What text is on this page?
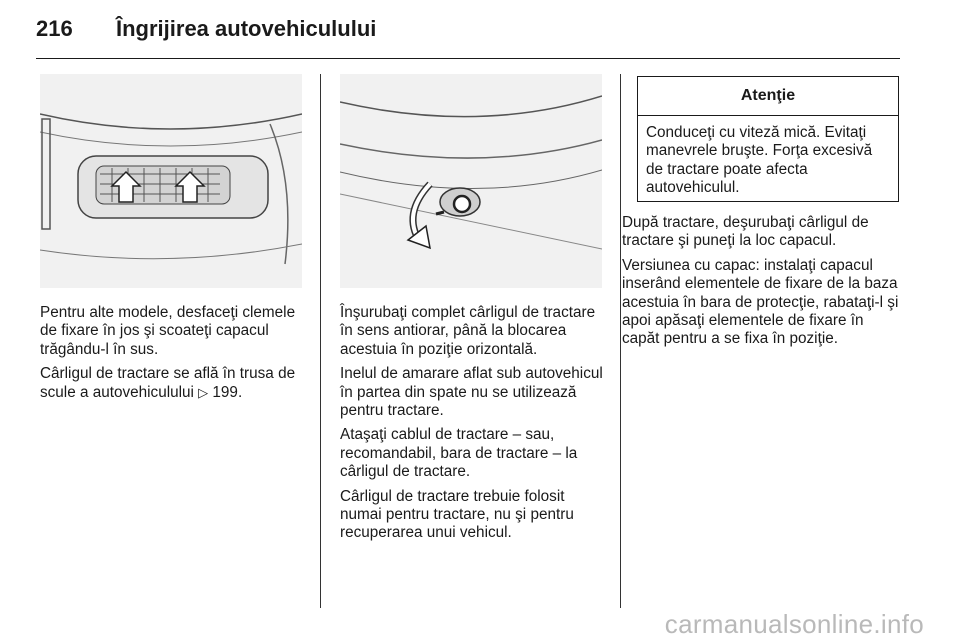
216 Îngrijirea autovehiculului

Pentru alte modele, desfaceţi clemele de fixare în jos şi scoateţi capacul trăgându-l în sus.

Cârligul de tractare se află în trusa de scule a autovehiculului ▷ 199.

Înşurubaţi complet cârligul de tractare în sens antiorar, până la blocarea acestuia în poziţie orizontală.

Inelul de amarare aflat sub autovehicul în partea din spate nu se utilizează pentru tractare.

Ataşaţi cablul de tractare – sau, recomandabil, bara de tractare – la cârligul de tractare.

Cârligul de tractare trebuie folosit numai pentru tractare, nu şi pentru recuperarea unui vehicul.

Atenţie
Conduceţi cu viteză mică. Evitaţi manevrele bruşte. Forţa excesivă de tractare poate afecta autovehiculul.

După tractare, deşurubaţi cârligul de tractare şi puneţi la loc capacul.

Versiunea cu capac: instalaţi capacul inserând elementele de fixare de la baza acestuia în bara de protecţie, rabataţi-l şi apoi apăsaţi elementele de fixare în capăt pentru a se fixa în poziţie.

carmanualsonline.info
